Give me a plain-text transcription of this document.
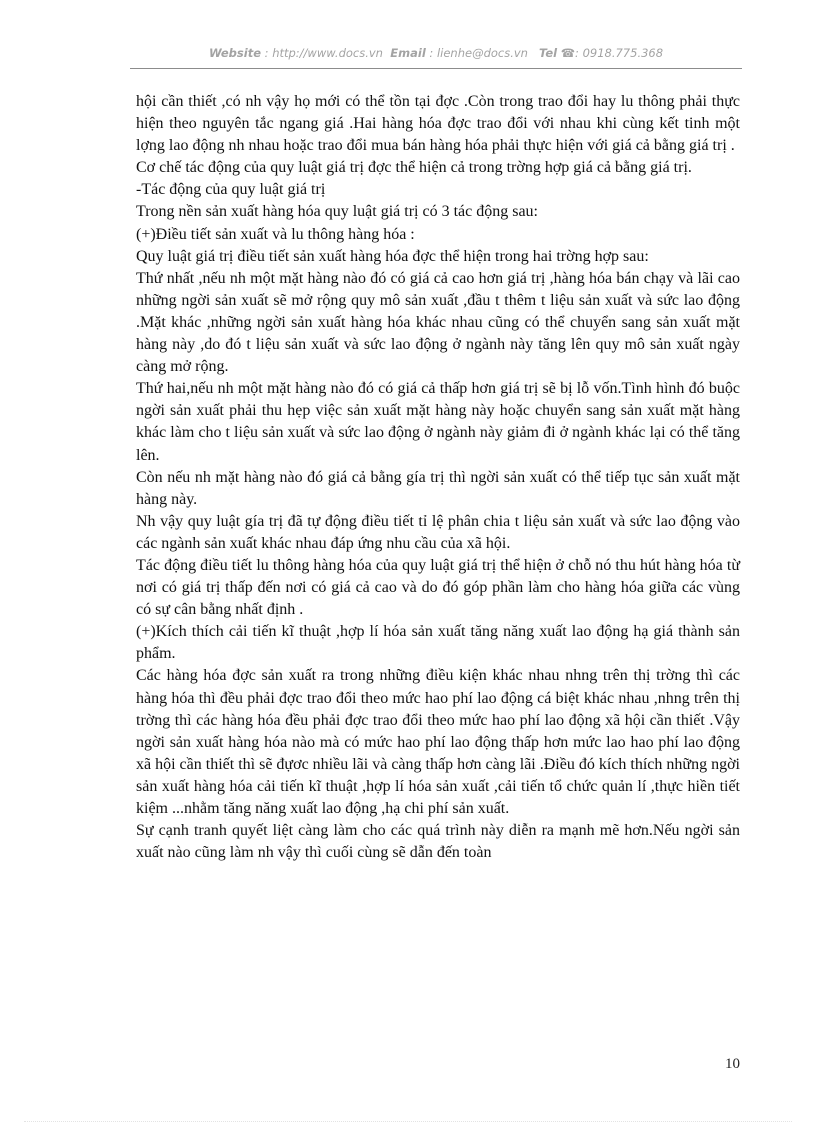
Website : http://www.docs.vn Email : lienhe@docs.vn Tel ☎: 0918.775.368

hội cần thiết ,có nh vậy họ mới có thể tồn tại đợc .Còn trong trao đổi hay lu thông phải thực hiện theo nguyên tắc ngang giá .Hai hàng hóa đợc trao đổi với nhau khi cùng kết tinh một lợng lao động nh nhau hoặc trao đổi mua bán hàng hóa phải thực hiện với giá cả bằng giá trị .

Cơ chế tác động của quy luật giá trị đợc thể hiện cả trong trờng hợp giá cả bằng giá trị.

-Tác động của quy luật giá trị

Trong nền sản xuất hàng hóa quy luật giá trị có 3 tác động sau:

(+)Điều tiết sản xuất và lu thông hàng hóa :

Quy luật giá trị điều tiết sản xuất hàng hóa đợc thể hiện trong hai trờng hợp sau:

Thứ nhất ,nếu nh một mặt hàng nào đó có giá cả cao hơn giá trị ,hàng hóa bán chạy và lãi cao những ngời sản xuất sẽ mở rộng quy mô sản xuất ,đầu t thêm t liệu sản xuất và sức lao động .Mặt khác ,những ngời sản xuất hàng hóa khác nhau cũng có thể chuyển sang sản xuất mặt hàng này ,do đó t liệu sản xuất và sức lao động ở ngành này tăng lên quy mô sản xuất ngày càng mở rộng.

Thứ hai,nếu nh một mặt hàng nào đó có giá cả thấp hơn giá trị sẽ bị lỗ vốn.Tình hình đó buộc ngời sản xuất phải thu hẹp việc sản xuất mặt hàng này hoặc chuyển sang sản xuất mặt hàng khác làm cho t liệu sản xuất và sức lao động ở ngành này giảm đi ở ngành khác lại có thể tăng lên.

Còn nếu nh mặt hàng nào đó giá cả bằng gía trị thì ngời sản xuất có thể tiếp tục sản xuất mặt hàng này.

Nh vậy quy luật gía trị đã tự động điều tiết tỉ lệ phân chia t liệu sản xuất và sức lao động vào các ngành sản xuất khác nhau đáp ứng nhu cầu của xã hội.

Tác động điều tiết lu thông hàng hóa của quy luật giá trị thể hiện ở chỗ nó thu hút hàng hóa từ nơi có giá trị thấp đến nơi có giá cả cao và do đó góp phần làm cho hàng hóa giữa các vùng có sự cân bằng nhất định .

(+)Kích thích cải tiến kĩ thuật ,hợp lí hóa sản xuất tăng năng xuất lao động hạ giá thành sản phẩm.

Các hàng hóa đợc sản xuất ra trong những điều kiện khác nhau nhng trên thị trờng thì các hàng hóa thì đều phải đợc trao đổi theo mức hao phí lao động cá biệt khác nhau ,nhng trên thị trờng thì các hàng hóa đều phải đợc trao đổi theo mức hao phí lao động xã hội cần thiết .Vậy ngời sản xuất hàng hóa nào mà có mức hao phí lao động thấp hơn mức lao hao phí lao động xã hội cần thiết thì sẽ đựơc nhiều lãi và càng thấp hơn càng lãi .Điều đó kích thích những ngời sản xuất hàng hóa cải tiến kĩ thuật ,hợp lí hóa sản xuất ,cải tiến tổ chức quản lí ,thực hiền tiết kiệm ...nhằm tăng năng xuất lao động ,hạ chi phí sản xuất.

Sự cạnh tranh quyết liệt càng làm cho các quá trình này diễn ra mạnh mẽ hơn.Nếu ngời sản xuất nào cũng làm nh vậy thì cuối cùng sẽ dẫn đến toàn

10
